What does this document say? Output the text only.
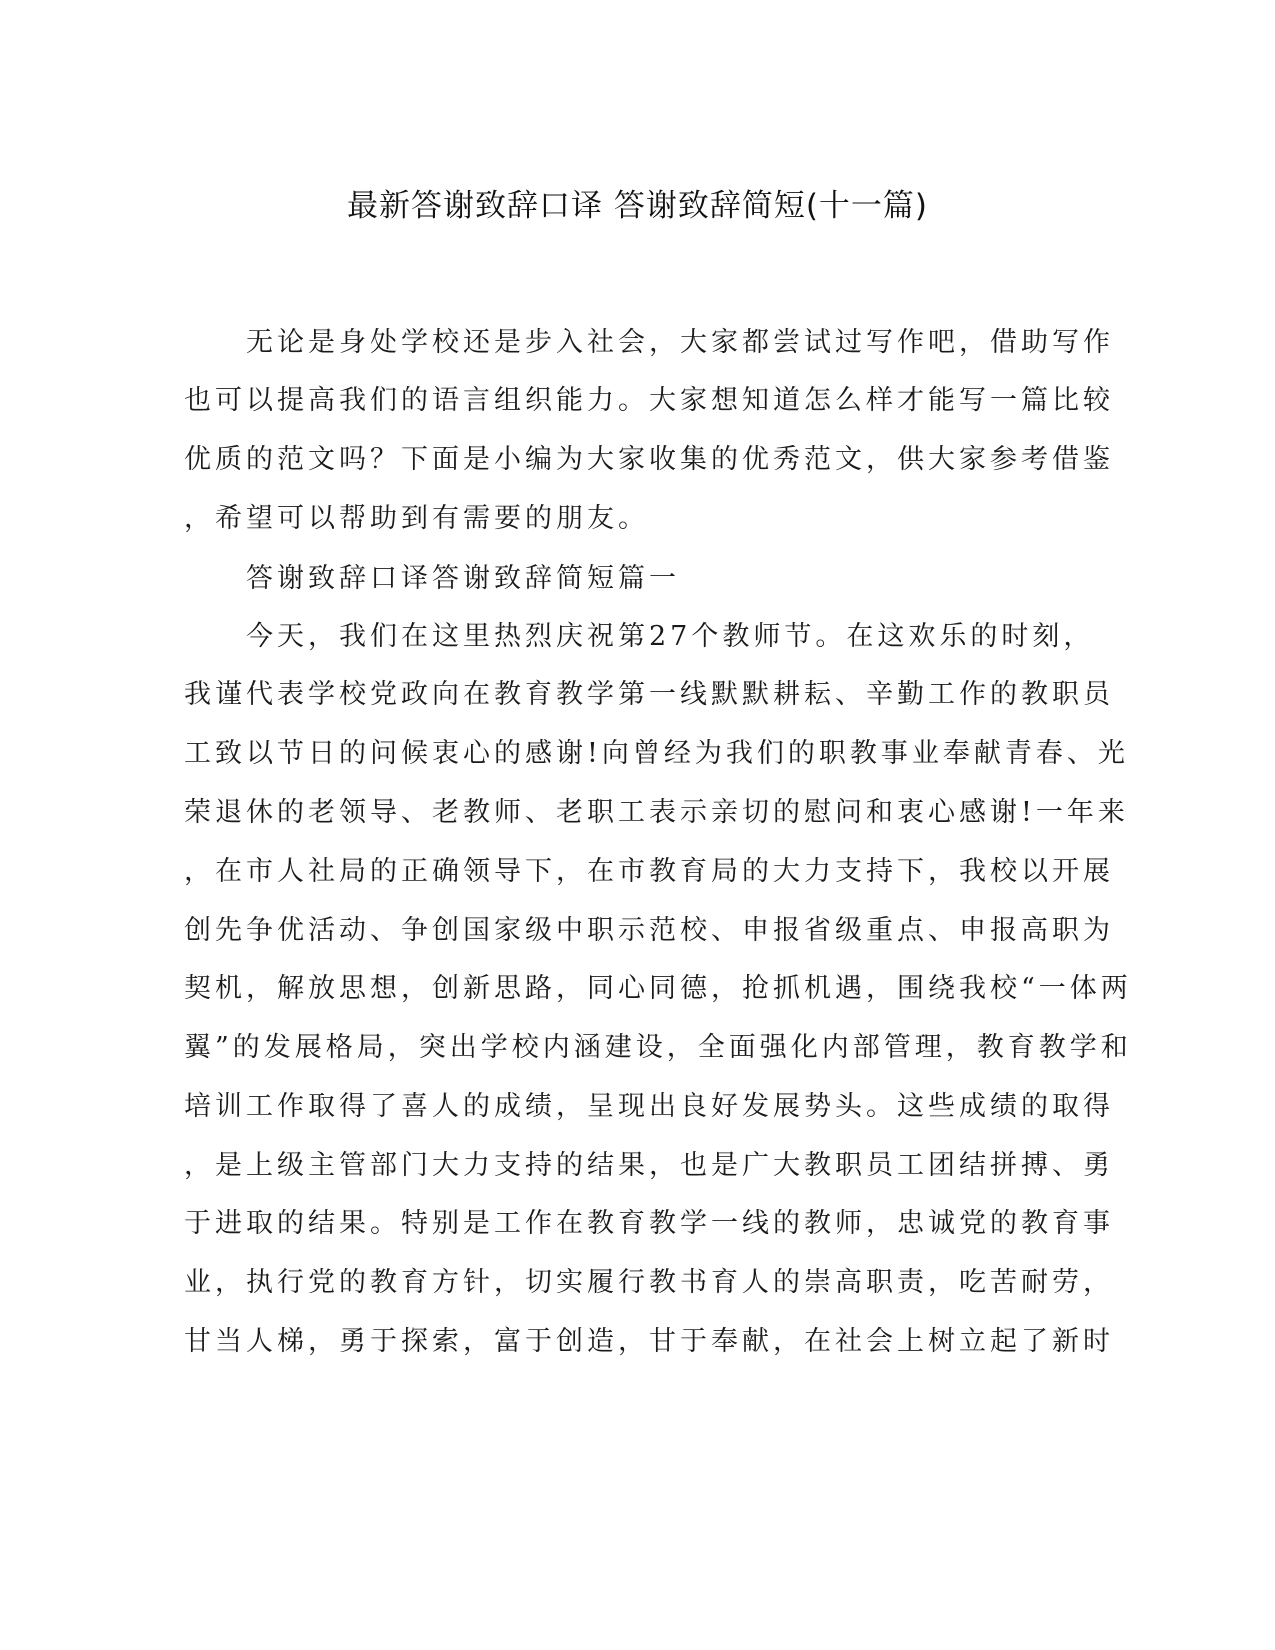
最新答谢致辞口译 答谢致辞简短(十一篇)
　　无论是身处学校还是步入社会，大家都尝试过写作吧，借助写作
也可以提高我们的语言组织能力。大家想知道怎么样才能写一篇比较
优质的范文吗？下面是小编为大家收集的优秀范文，供大家参考借鉴
，希望可以帮助到有需要的朋友。
　　答谢致辞口译答谢致辞简短篇一
　　今天，我们在这里热烈庆祝第27个教师节。在这欢乐的时刻，
我谨代表学校党政向在教育教学第一线默默耕耘、辛勤工作的教职员
工致以节日的问候衷心的感谢!向曾经为我们的职教事业奉献青春、光
荣退休的老领导、老教师、老职工表示亲切的慰问和衷心感谢!一年来
，在市人社局的正确领导下，在市教育局的大力支持下，我校以开展
创先争优活动、争创国家级中职示范校、申报省级重点、申报高职为
契机，解放思想，创新思路，同心同德，抢抓机遇，围绕我校“一体两
翼”的发展格局，突出学校内涵建设，全面强化内部管理，教育教学和
培训工作取得了喜人的成绩，呈现出良好发展势头。这些成绩的取得
，是上级主管部门大力支持的结果，也是广大教职员工团结拼搏、勇
于进取的结果。特别是工作在教育教学一线的教师，忠诚党的教育事
业，执行党的教育方针，切实履行教书育人的崇高职责，吃苦耐劳，
甘当人梯，勇于探索，富于创造，甘于奉献，在社会上树立起了新时
